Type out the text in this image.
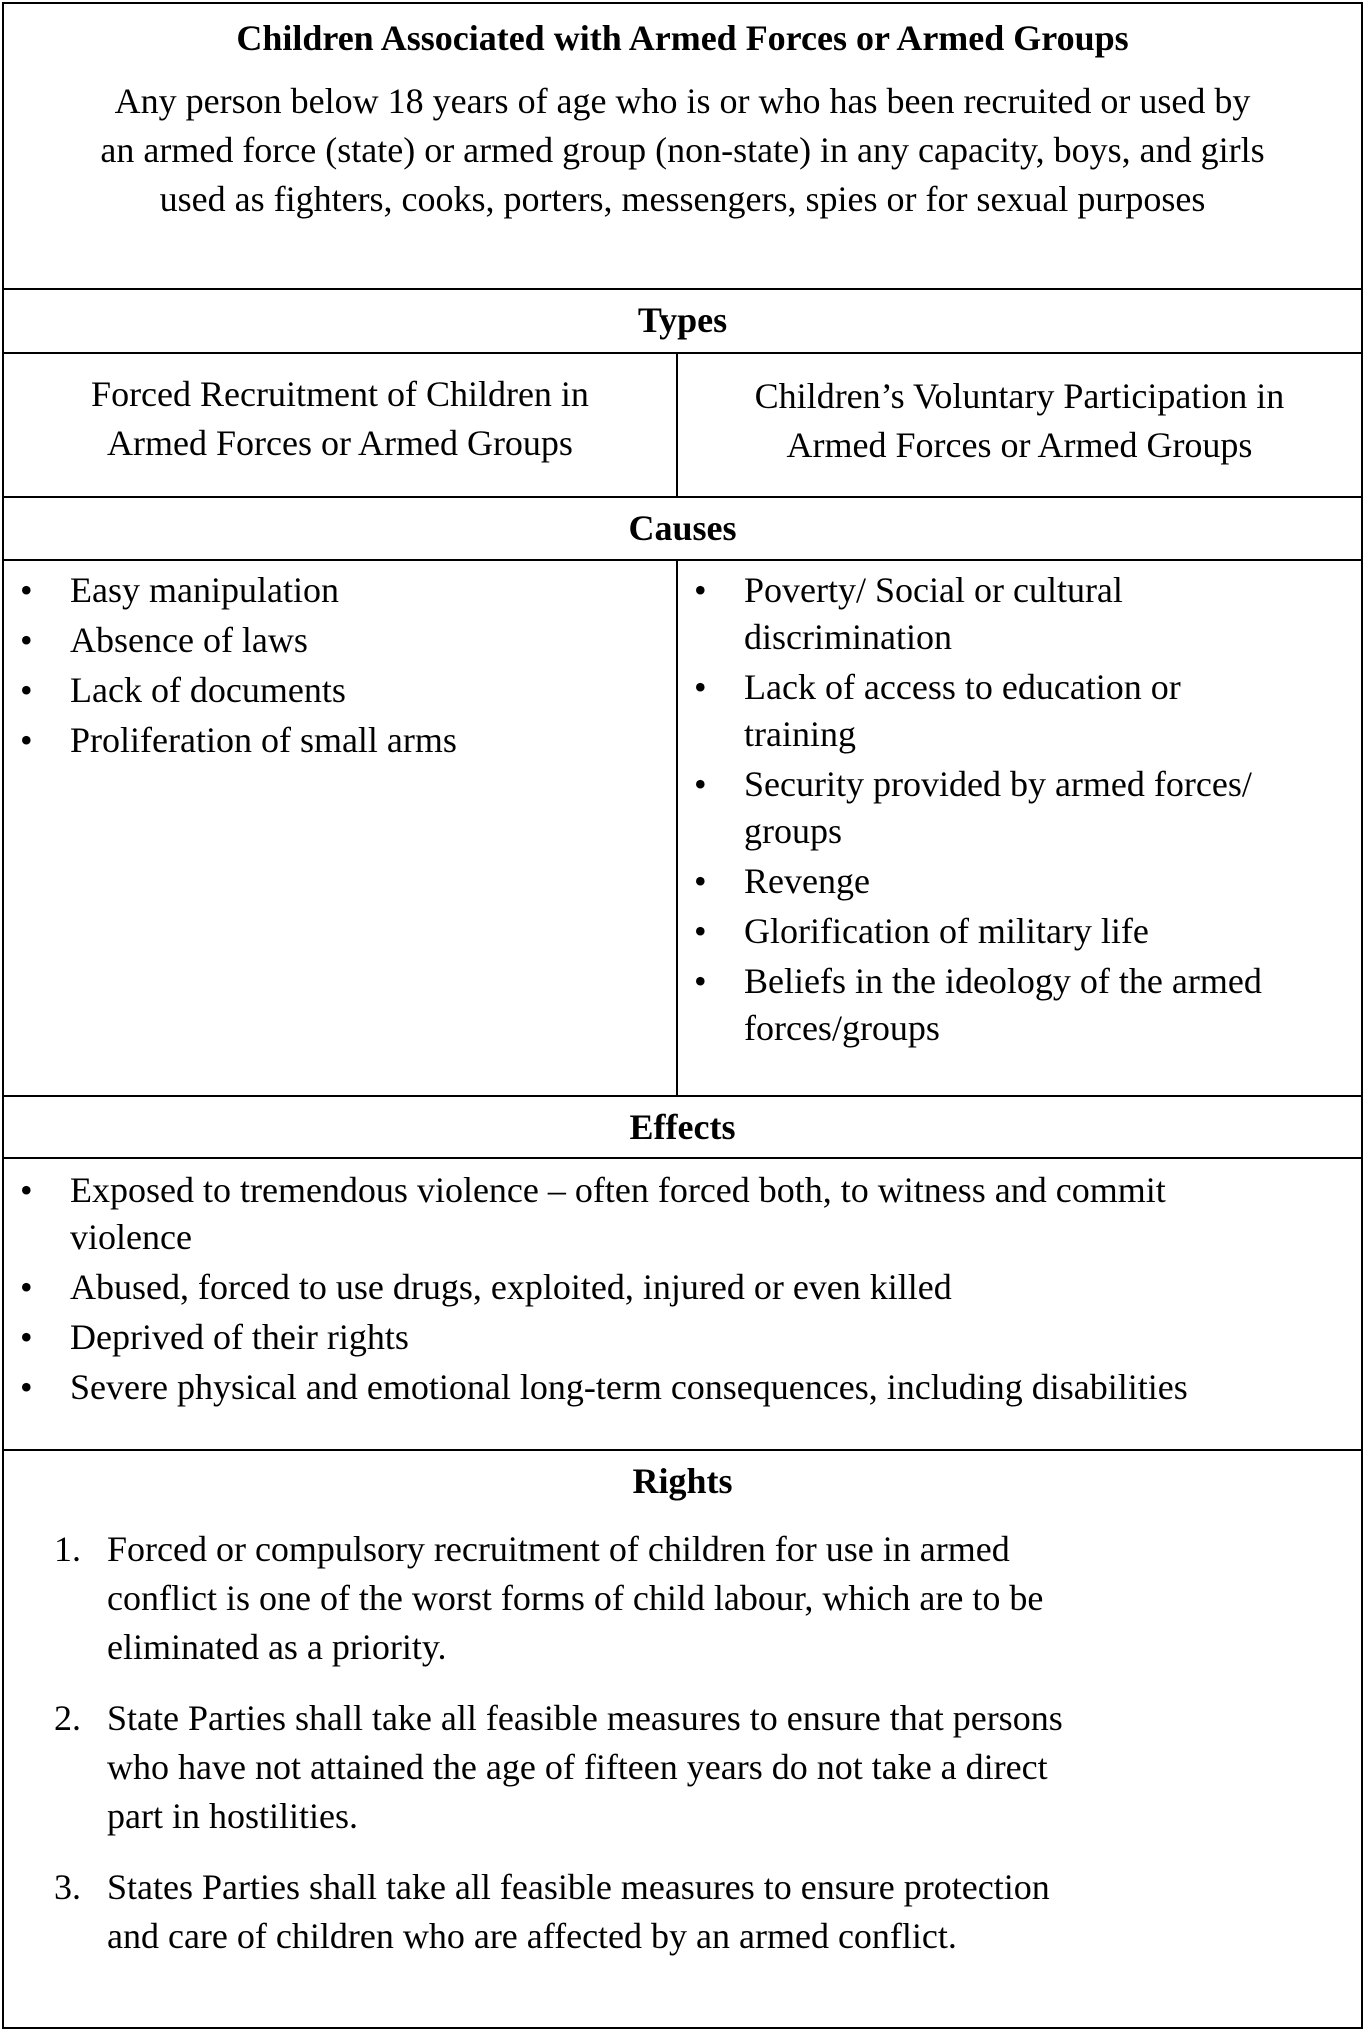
Children Associated with Armed Forces or Armed Groups
Any person below 18 years of age who is or who has been recruited or used by
an armed force (state) or armed group (non-state) in any capacity, boys, and girls
used as fighters, cooks, porters, messengers, spies or for sexual purposes
Types
Forced Recruitment of Children in
Armed Forces or Armed Groups
Children’s Voluntary Participation in
Armed Forces or Armed Groups
Causes
• Easy manipulation
• Absence of laws
• Lack of documents
• Proliferation of small arms
• Poverty/ Social or cultural
discrimination
• Lack of access to education or
training
• Security provided by armed forces/
groups
• Revenge
• Glorification of military life
• Beliefs in the ideology of the armed
forces/groups
Effects
• Exposed to tremendous violence – often forced both, to witness and commit
violence
• Abused, forced to use drugs, exploited, injured or even killed
• Deprived of their rights
• Severe physical and emotional long-term consequences, including disabilities
Rights
1. Forced or compulsory recruitment of children for use in armed
conflict is one of the worst forms of child labour, which are to be
eliminated as a priority.
2. State Parties shall take all feasible measures to ensure that persons
who have not attained the age of fifteen years do not take a direct
part in hostilities.
3. States Parties shall take all feasible measures to ensure protection
and care of children who are affected by an armed conflict.
